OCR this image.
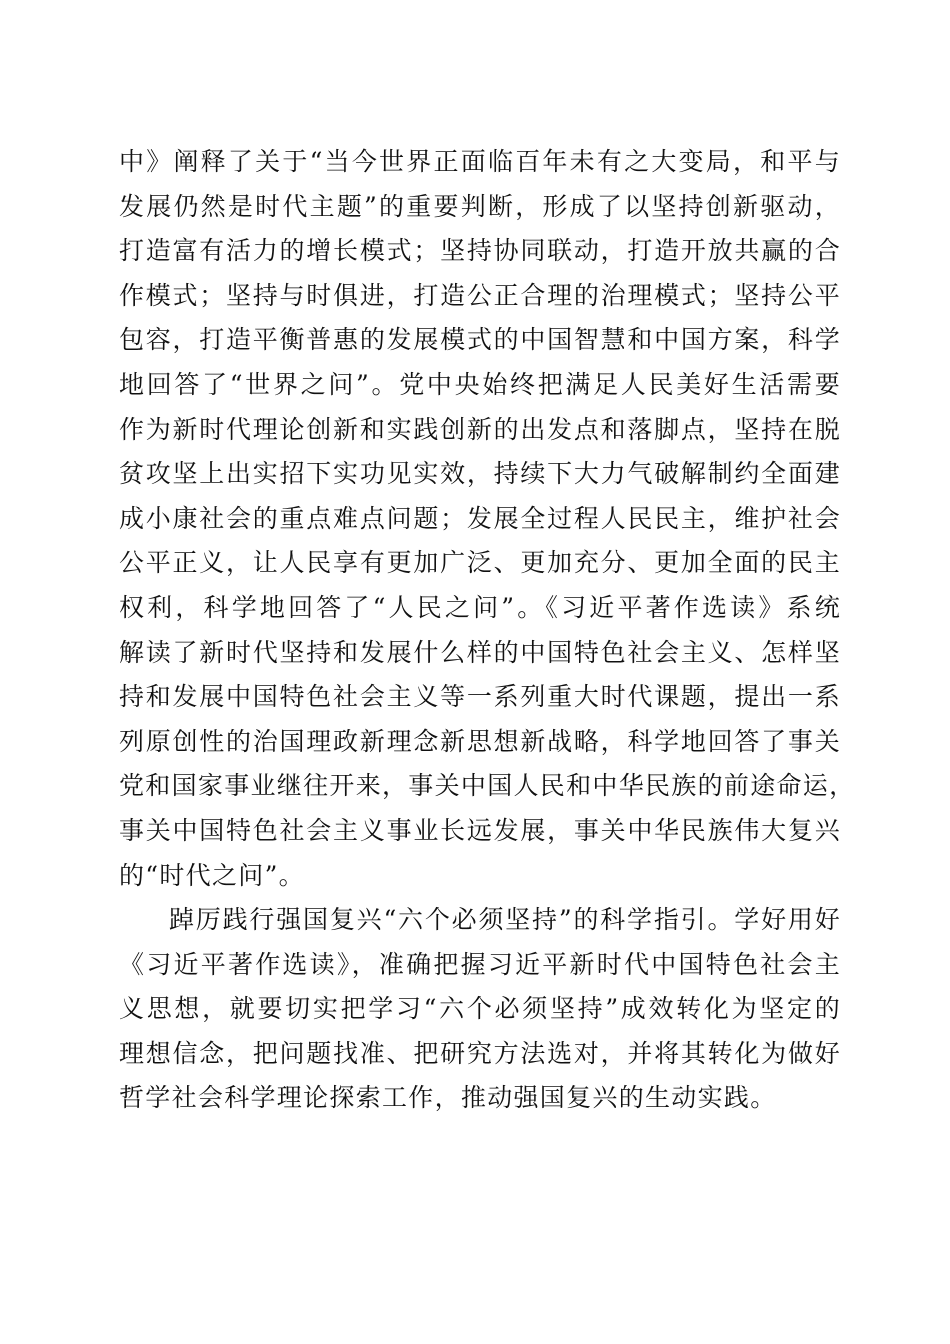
中》阐释了关于“当今世界正面临百年未有之大变局，和平与
发展仍然是时代主题”的重要判断，形成了以坚持创新驱动，
打造富有活力的增长模式；坚持协同联动，打造开放共赢的合
作模式；坚持与时俱进，打造公正合理的治理模式；坚持公平
包容，打造平衡普惠的发展模式的中国智慧和中国方案，科学
地回答了“世界之问”。党中央始终把满足人民美好生活需要
作为新时代理论创新和实践创新的出发点和落脚点，坚持在脱
贫攻坚上出实招下实功见实效，持续下大力气破解制约全面建
成小康社会的重点难点问题；发展全过程人民民主，维护社会
公平正义，让人民享有更加广泛、更加充分、更加全面的民主
权利，科学地回答了“人民之问”。《习近平著作选读》系统
解读了新时代坚持和发展什么样的中国特色社会主义、怎样坚
持和发展中国特色社会主义等一系列重大时代课题，提出一系
列原创性的治国理政新理念新思想新战略，科学地回答了事关
党和国家事业继往开来，事关中国人民和中华民族的前途命运，
事关中国特色社会主义事业长远发展，事关中华民族伟大复兴
的“时代之问”。
踔厉践行强国复兴“六个必须坚持”的科学指引。学好用好
《习近平著作选读》，准确把握习近平新时代中国特色社会主
义思想，就要切实把学习“六个必须坚持”成效转化为坚定的
理想信念，把问题找准、把研究方法选对，并将其转化为做好
哲学社会科学理论探索工作，推动强国复兴的生动实践。
